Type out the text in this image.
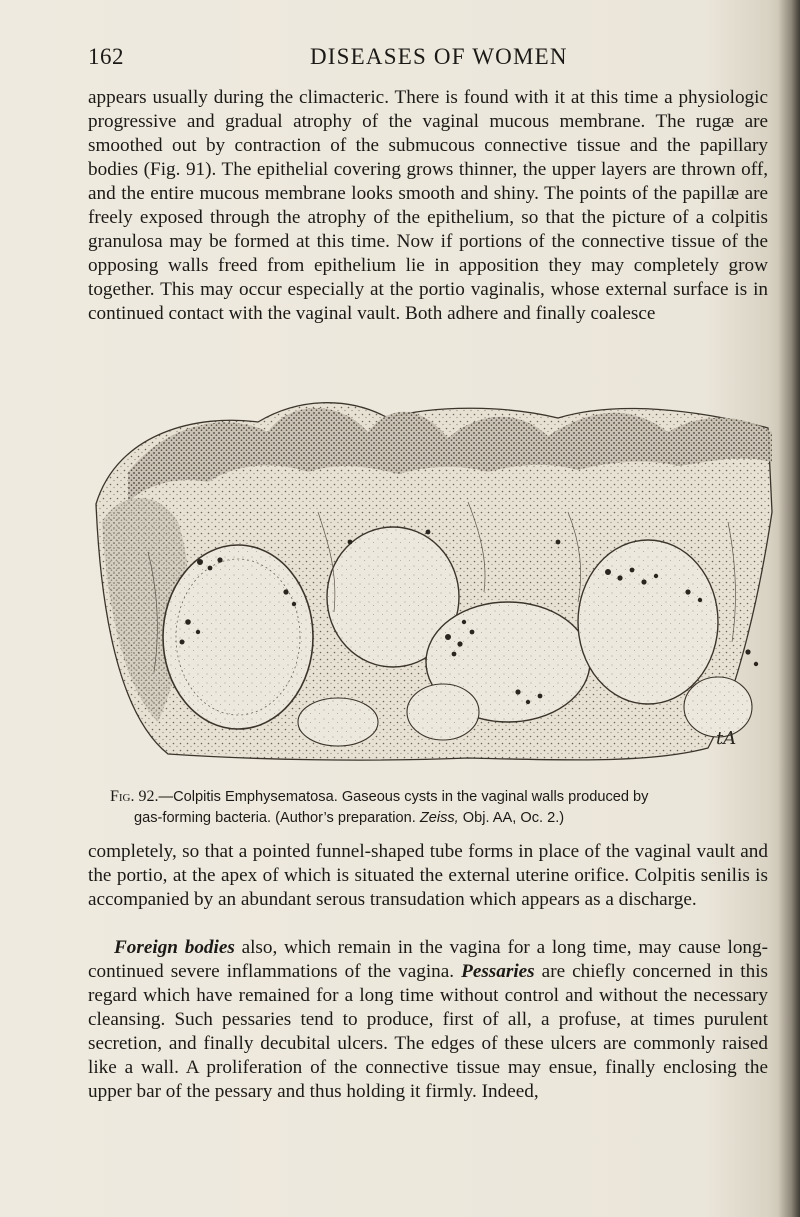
162	DISEASES OF WOMEN

appears usually during the climacteric. There is found with it at this time a physiologic progressive and gradual atrophy of the vaginal mucous membrane. The rugæ are smoothed out by contraction of the submucous connective tissue and the papillary bodies (Fig. 91). The epithelial covering grows thinner, the upper layers are thrown off, and the entire mucous membrane looks smooth and shiny. The points of the papillæ are freely exposed through the atrophy of the epithelium, so that the picture of a colpitis granulosa may be formed at this time. Now if portions of the connective tissue of the opposing walls freed from epithelium lie in apposition they may completely grow together. This may occur especially at the portio vaginalis, whose external surface is in continued contact with the vaginal vault. Both adhere and finally coalesce

tA
Fig. 92.—Colpitis Emphysematosa. Gaseous cysts in the vaginal walls produced by
gas-forming bacteria. (Author’s preparation. Zeiss, Obj. AA, Oc. 2.)

completely, so that a pointed funnel-shaped tube forms in place of the vaginal vault and the portio, at the apex of which is situated the external uterine orifice. Colpitis senilis is accompanied by an abundant serous transudation which appears as a discharge.

Foreign bodies also, which remain in the vagina for a long time, may cause long-continued severe inflammations of the vagina. Pessaries are chiefly concerned in this regard which have remained for a long time without control and without the necessary cleansing. Such pessaries tend to produce, first of all, a profuse, at times purulent secretion, and finally decubital ulcers. The edges of these ulcers are commonly raised like a wall. A proliferation of the connective tissue may ensue, finally enclosing the upper bar of the pessary and thus holding it firmly. Indeed,
